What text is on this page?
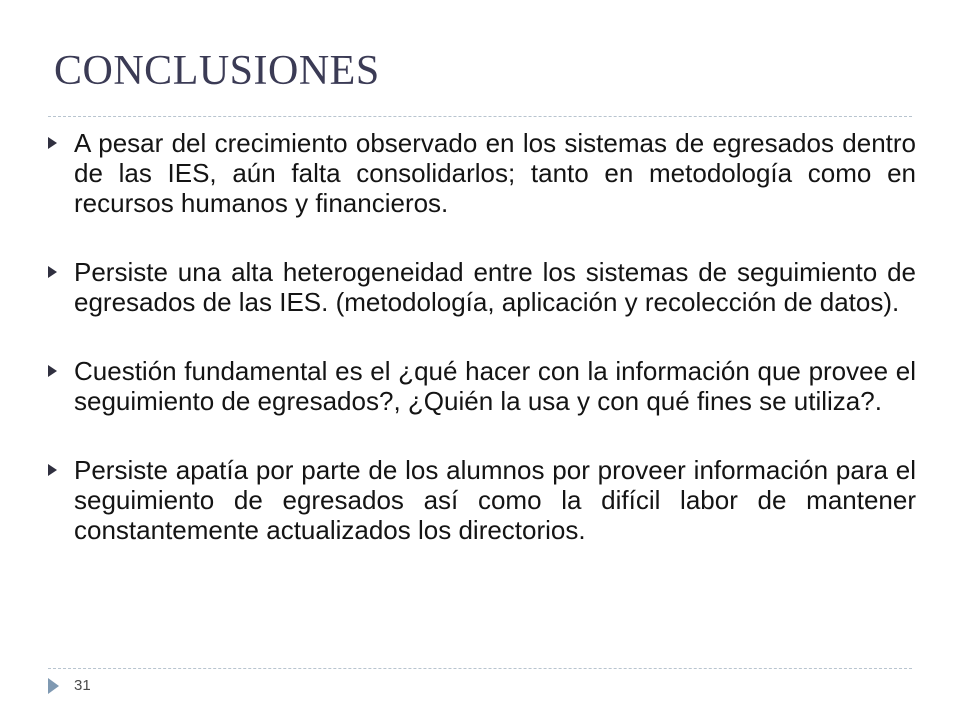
CONCLUSIONES
A pesar del crecimiento observado en los sistemas de egresados dentro de las IES, aún falta consolidarlos; tanto en metodología como en recursos humanos y financieros.
Persiste una alta heterogeneidad entre los sistemas de seguimiento de egresados de las IES. (metodología, aplicación y recolección de datos).
Cuestión fundamental es el ¿qué hacer con la información que provee el seguimiento de egresados?, ¿Quién la usa y con qué fines se utiliza?.
Persiste apatía por parte de los alumnos por proveer información para el seguimiento de egresados así como la difícil labor de mantener constantemente actualizados los directorios.
31
